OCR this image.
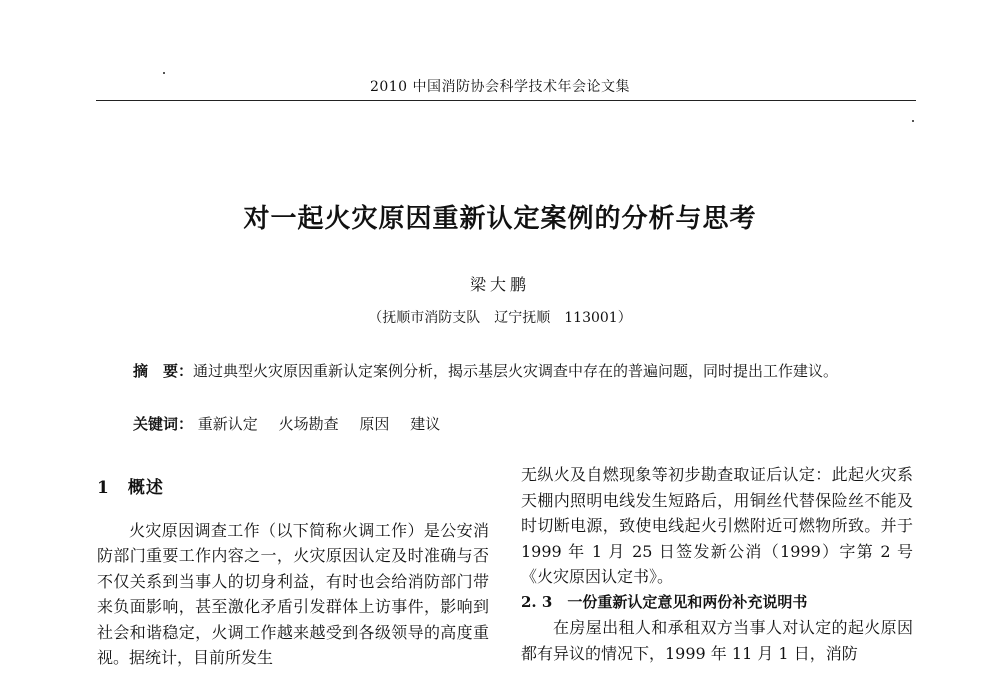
2010 中国消防协会科学技术年会论文集
对一起火灾原因重新认定案例的分析与思考
梁大鹏
（抚顺市消防支队　辽宁抚顺　113001）
摘　要：通过典型火灾原因重新认定案例分析，揭示基层火灾调查中存在的普遍问题，同时提出工作建议。
关键词： 重新认定 火场勘查 原因 建议
1　概述
火灾原因调查工作（以下简称火调工作）是公安消防部门重要工作内容之一，火灾原因认定及时准确与否不仅关系到当事人的切身利益，有时也会给消防部门带来负面影响，甚至激化矛盾引发群体上访事件，影响到社会和谐稳定，火调工作越来越受到各级领导的高度重视。据统计，目前所发生
无纵火及自燃现象等初步勘查取证后认定：此起火灾系天棚内照明电线发生短路后，用铜丝代替保险丝不能及时切断电源，致使电线起火引燃附近可燃物所致。并于 1999 年 1 月 25 日签发新公消（1999）字第 2 号《火灾原因认定书》。
2. 3　一份重新认定意见和两份补充说明书
在房屋出租人和承租双方当事人对认定的起火原因都有异议的情况下，1999 年 11 月 1 日，消防
